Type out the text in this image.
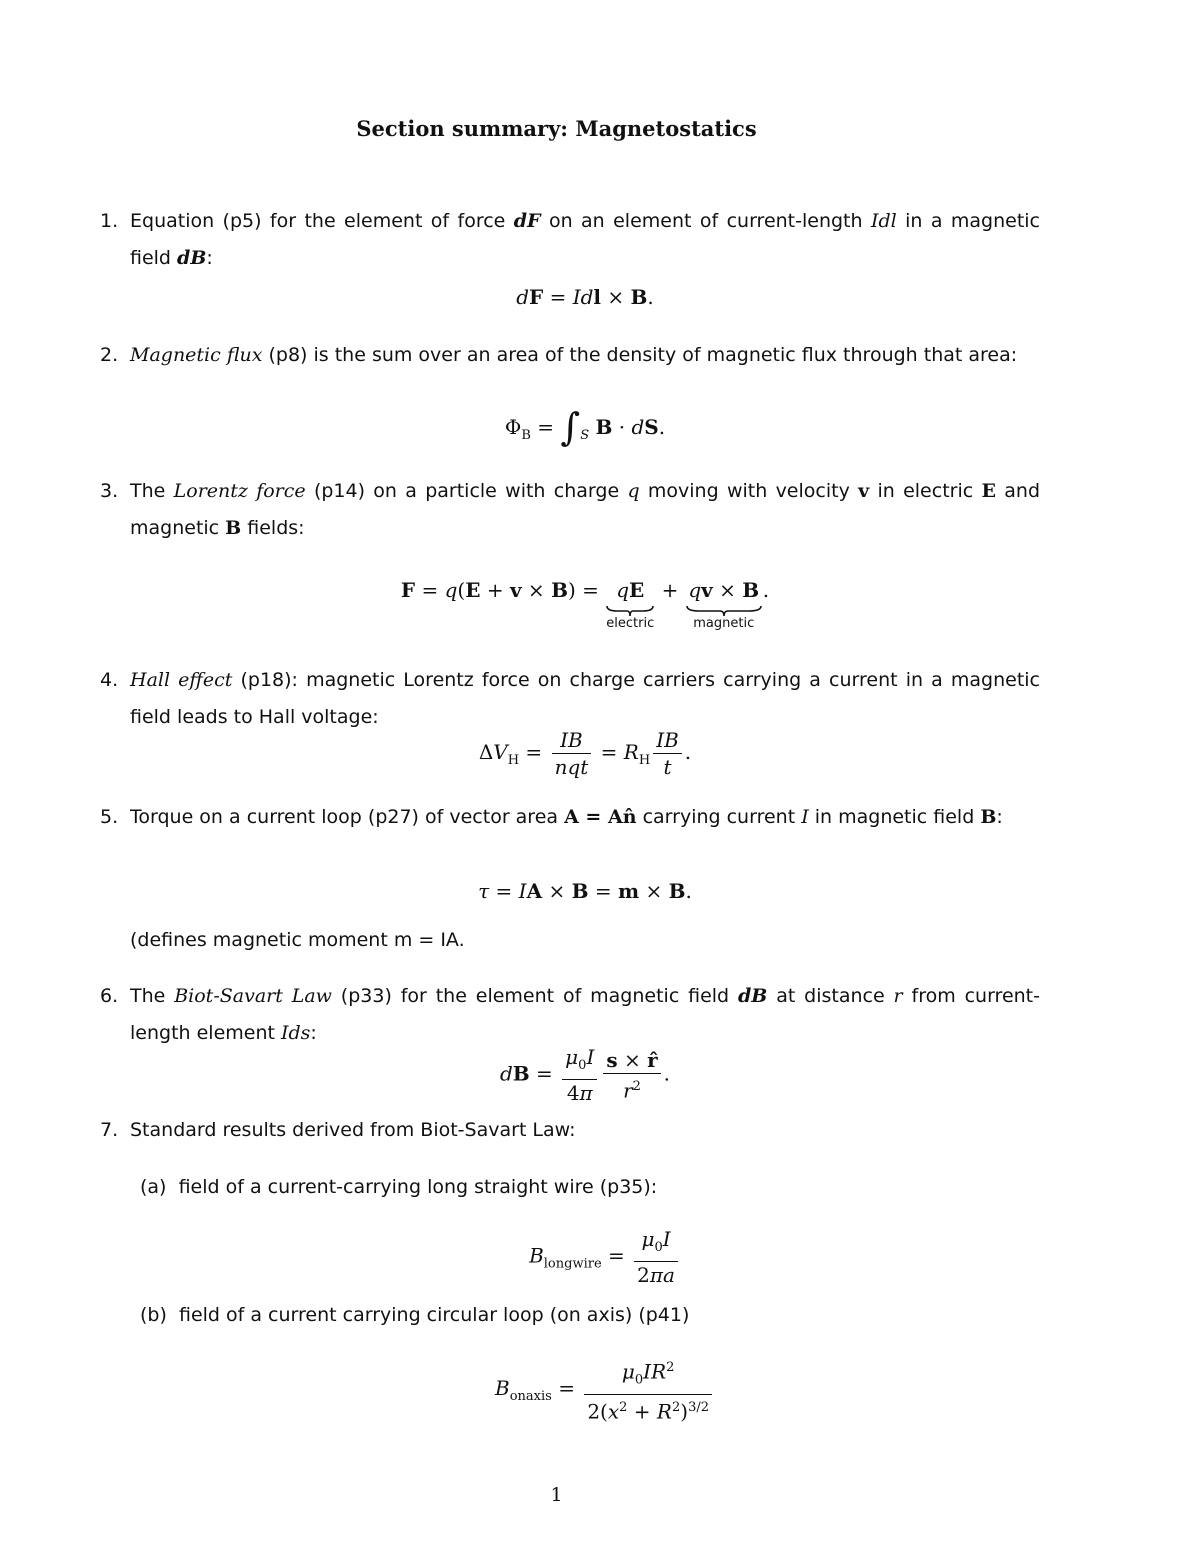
Section summary: Magnetostatics
1. Equation (p5) for the element of force dF on an element of current-length Idl in a magnetic field dB:
dF = Idl × B.
2. Magnetic flux (p8) is the sum over an area of the density of magnetic flux through that area:
$\Phi_B = \int_S$ B · dS.
3. The Lorentz force (p14) on a particle with charge q moving with velocity v in electric E and magnetic B fields:
F = q(E + v × B) = qE
electric
+ qv × B
magnetic
.
4. Hall effect (p18): magnetic Lorentz force on charge carriers carrying a current in a magnetic field leads to Hall voltage:
$\Delta V_H = \frac{IB}{\text{nqt}} = R_H \frac{IB}{t}$ .
5. Torque on a current loop (p27) of vector area A = An̂ carrying current I in magnetic field B:
τ = IA × B = m × B.
(defines magnetic moment m = IA.
6. The Biot-Savart Law (p33) for the element of magnetic field dB at distance r from current-length element Ids:
dB = $\frac{\mu_0I}{4\pi} \frac{s \times r̂}{r^2}$ .
7. Standard results derived from Biot-Savart Law:
(a) field of a current-carrying long straight wire (p35):
$B_{longwire} = \frac{\mu_0I}{2\pi a}$
(b) field of a current carrying circular loop (on axis) (p41)
$B_{onaxis} = \frac{\mu_0IR^2}{2(x^2 + R^2)^{3/2}}$
1
